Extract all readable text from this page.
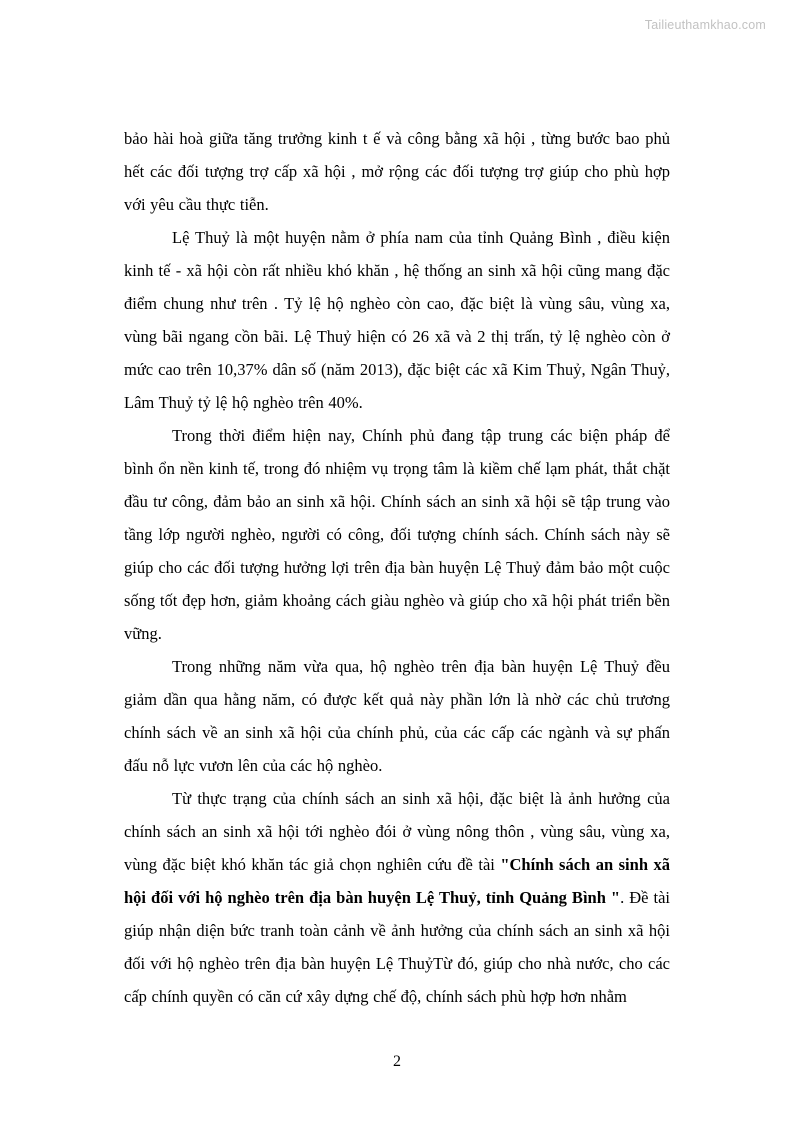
Tailieuthamkhao.com

bảo hài hoà giữa tăng trưởng kinh t ế và công bằng xã hội , từng bước bao phủ hết các đối tượng trợ cấp xã hội , mở rộng các đối tượng trợ giúp cho phù hợp với yêu cầu thực tiễn.

Lệ Thuỷ là một huyện nằm ở phía nam của tỉnh Quảng Bình , điều kiện kinh tế - xã hội còn rất nhiều khó khăn , hệ thống an sinh xã hội cũng mang đặc điểm chung như trên . Tỷ lệ hộ nghèo còn cao, đặc biệt là vùng sâu, vùng xa, vùng bãi ngang cồn bãi. Lệ Thuỷ hiện có 26 xã và 2 thị trấn, tỷ lệ nghèo còn ở mức cao trên 10,37% dân số (năm 2013), đặc biệt các xã Kim Thuỷ, Ngân Thuỷ, Lâm Thuỷ tỷ lệ hộ nghèo trên 40%.

Trong thời điểm hiện nay, Chính phủ đang tập trung các biện pháp để bình ổn nền kinh tế, trong đó nhiệm vụ trọng tâm là kiềm chế lạm phát, thắt chặt đầu tư công, đảm bảo an sinh xã hội. Chính sách an sinh xã hội sẽ tập trung vào tầng lớp người nghèo, người có công, đối tượng chính sách. Chính sách này sẽ giúp cho các đối tượng hưởng lợi trên địa bàn huyện Lệ Thuỷ đảm bảo một cuộc sống tốt đẹp hơn, giảm khoảng cách giàu nghèo và giúp cho xã hội phát triển bền vững.

Trong những năm vừa qua, hộ nghèo trên địa bàn huyện Lệ Thuỷ đều giảm dần qua hằng năm, có được kết quả này phần lớn là nhờ các chủ trương chính sách về an sinh xã hội của chính phủ, của các cấp các ngành và sự phấn đấu nỗ lực vươn lên của các hộ nghèo.

Từ thực trạng của chính sách an sinh xã hội, đặc biệt là ảnh hưởng của chính sách an sinh xã hội tới nghèo đói ở vùng nông thôn , vùng sâu, vùng xa, vùng đặc biệt khó khăn tác giả chọn nghiên cứu đề tài "Chính sách an sinh xã hội đối với hộ nghèo trên địa bàn huyện Lệ Thuỷ, tỉnh Quảng Bình ". Đề tài giúp nhận diện bức tranh toàn cảnh về ảnh hưởng của chính sách an sinh xã hội đối với hộ nghèo trên địa bàn huyện Lệ ThuỷTừ đó, giúp cho nhà nước, cho các cấp chính quyền có căn cứ xây dựng chế độ, chính sách phù hợp hơn nhằm

2
